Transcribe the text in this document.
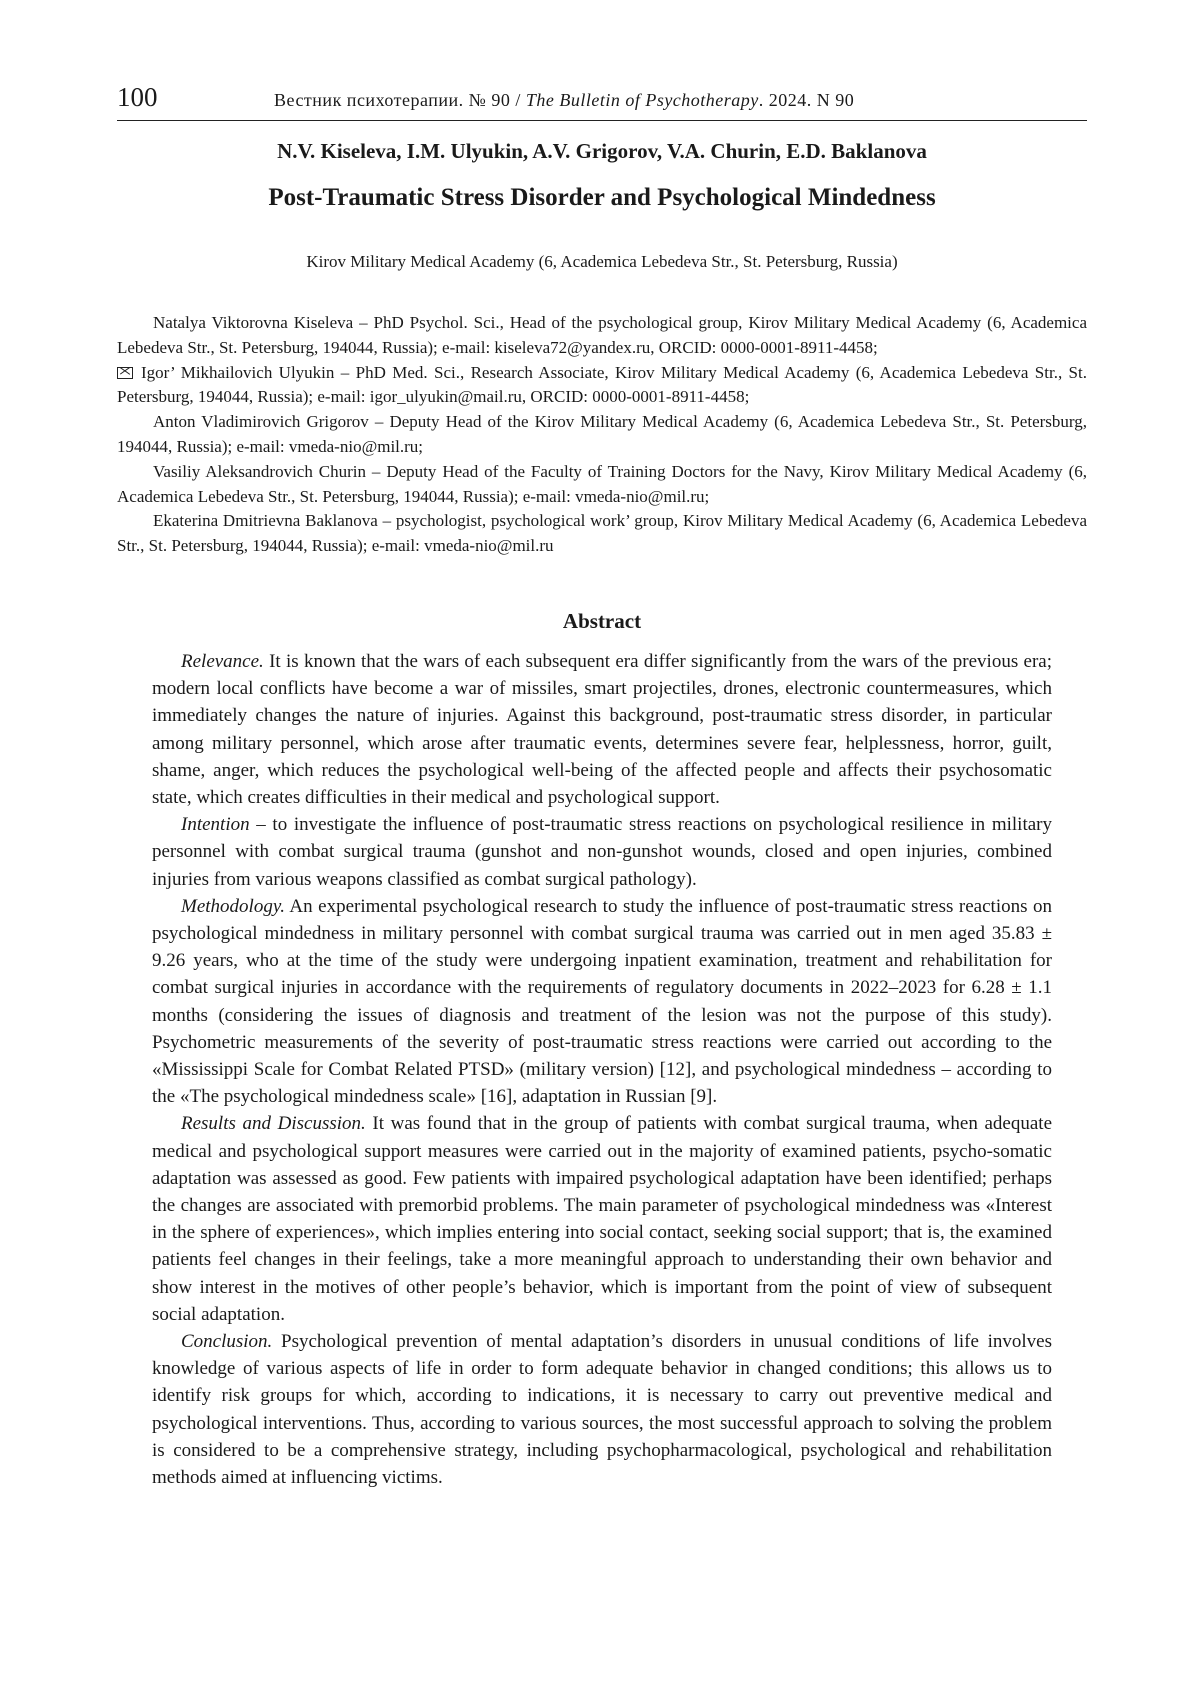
100	Вестник психотерапии. № 90 / The Bulletin of Psychotherapy. 2024. N 90
N.V. Kiseleva, I.M. Ulyukin, A.V. Grigorov, V.A. Churin, E.D. Baklanova
Post-Traumatic Stress Disorder and Psychological Mindedness
Kirov Military Medical Academy (6, Academica Lebedeva Str., St. Petersburg, Russia)

Natalya Viktorovna Kiseleva – PhD Psychol. Sci., Head of the psychological group, Kirov Military Medical Academy (6, Academica Lebedeva Str., St. Petersburg, 194044, Russia); e-mail: kiseleva72@yandex.ru, ORCID: 0000-0001-8911-4458;

Igor’ Mikhailovich Ulyukin – PhD Med. Sci., Research Associate, Kirov Military Medical Academy (6, Academica Lebedeva Str., St. Petersburg, 194044, Russia); e-mail: igor_ulyukin@mail.ru, ORCID: 0000-0001-8911-4458;

Anton Vladimirovich Grigorov – Deputy Head of the Kirov Military Medical Academy (6, Academica Lebedeva Str., St. Petersburg, 194044, Russia); e-mail: vmeda-nio@mil.ru;

Vasiliy Aleksandrovich Churin – Deputy Head of the Faculty of Training Doctors for the Navy, Kirov Military Medical Academy (6, Academica Lebedeva Str., St. Petersburg, 194044, Russia); e-mail: vmeda-nio@mil.ru;

Ekaterina Dmitrievna Baklanova – psychologist, psychological work’ group, Kirov Military Medical Academy (6, Academica Lebedeva Str., St. Petersburg, 194044, Russia); e-mail: vmeda-nio@mil.ru

Abstract

Relevance. It is known that the wars of each subsequent era differ significantly from the wars of the previous era; modern local conflicts have become a war of missiles, smart projectiles, drones, electronic countermeasures, which immediately changes the nature of injuries. Against this background, post-traumatic stress disorder, in particular among military personnel, which arose after traumatic events, determines severe fear, helplessness, horror, guilt, shame, anger, which reduces the psychological well-being of the affected people and affects their psychosomatic state, which creates difficulties in their medical and psychological support.

Intention – to investigate the influence of post-traumatic stress reactions on psychological resilience in military personnel with combat surgical trauma (gunshot and non-gunshot wounds, closed and open injuries, combined injuries from various weapons classified as combat surgical pathology).

Methodology. An experimental psychological research to study the influence of post-traumatic stress reactions on psychological mindedness in military personnel with combat surgical trauma was carried out in men aged 35.83 ± 9.26 years, who at the time of the study were undergoing inpatient examination, treatment and rehabilitation for combat surgical injuries in accordance with the requirements of regulatory documents in 2022–2023 for 6.28 ± 1.1 months (considering the issues of diagnosis and treatment of the lesion was not the purpose of this study). Psychometric measurements of the severity of post-traumatic stress reactions were carried out according to the «Mississippi Scale for Combat Related PTSD» (military version) [12], and psychological mindedness – according to the «The psychological mindedness scale» [16], adaptation in Russian [9].

Results and Discussion. It was found that in the group of patients with combat surgical trauma, when adequate medical and psychological support measures were carried out in the majority of examined patients, psycho-somatic adaptation was assessed as good. Few patients with impaired psychological adaptation have been identified; perhaps the changes are associated with premorbid problems. The main parameter of psychological mindedness was «Interest in the sphere of experiences», which implies entering into social contact, seeking social support; that is, the examined patients feel changes in their feelings, take a more meaningful approach to understanding their own behavior and show interest in the motives of other people’s behavior, which is important from the point of view of subsequent social adaptation.

Conclusion. Psychological prevention of mental adaptation’s disorders in unusual conditions of life involves knowledge of various aspects of life in order to form adequate behavior in changed conditions; this allows us to identify risk groups for which, according to indications, it is necessary to carry out preventive medical and psychological interventions. Thus, according to various sources, the most successful approach to solving the problem is considered to be a comprehensive strategy, including psychopharmacological, psychological and rehabilitation methods aimed at influencing victims.
